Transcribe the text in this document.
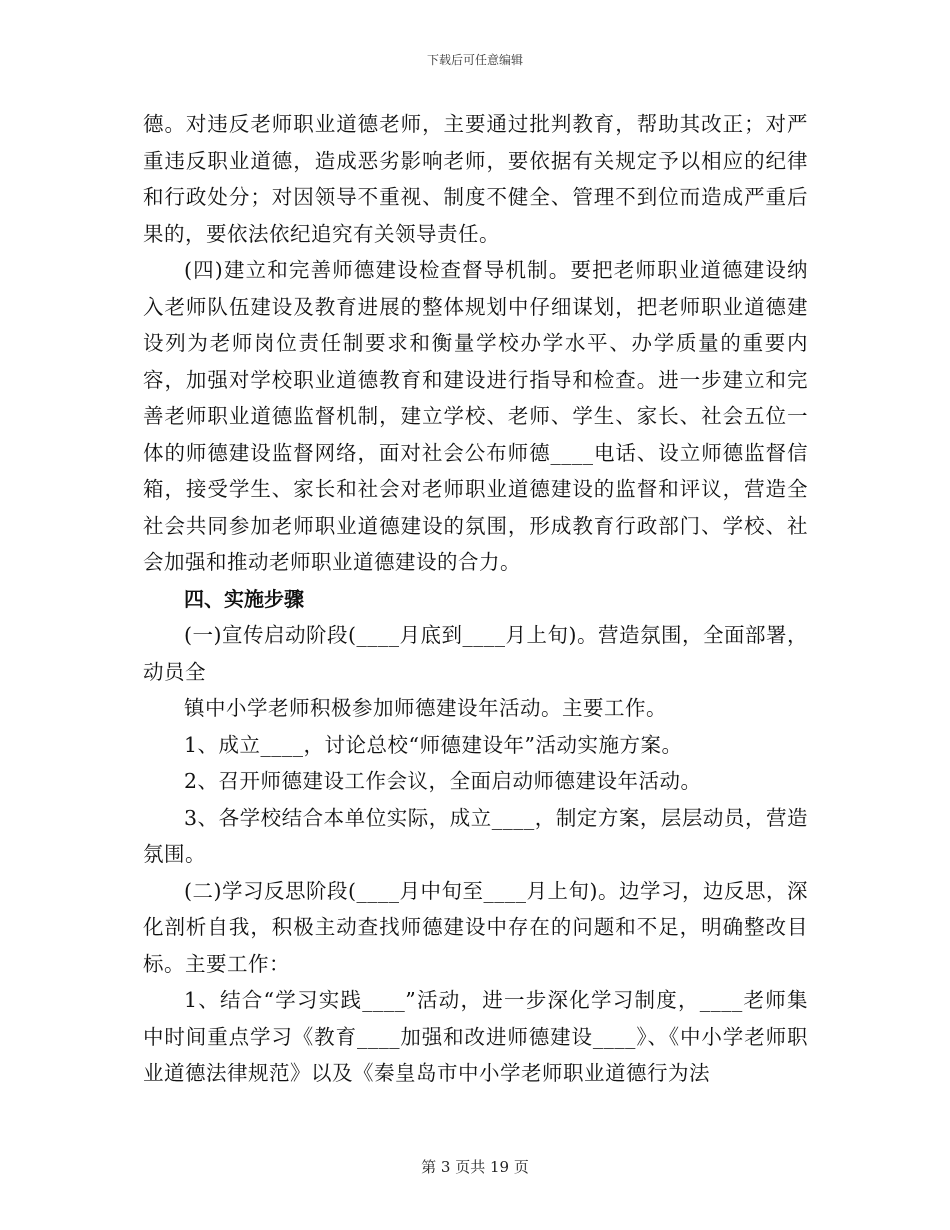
下载后可任意编辑

德。对违反老师职业道德老师，主要通过批判教育，帮助其改正；对严重违反职业道德，造成恶劣影响老师，要依据有关规定予以相应的纪律和行政处分；对因领导不重视、制度不健全、管理不到位而造成严重后果的，要依法依纪追究有关领导责任。

(四)建立和完善师德建设检查督导机制。要把老师职业道德建设纳入老师队伍建设及教育进展的整体规划中仔细谋划，把老师职业道德建设列为老师岗位责任制要求和衡量学校办学水平、办学质量的重要内容，加强对学校职业道德教育和建设进行指导和检查。进一步建立和完善老师职业道德监督机制，建立学校、老师、学生、家长、社会五位一体的师德建设监督网络，面对社会公布师德____电话、设立师德监督信箱，接受学生、家长和社会对老师职业道德建设的监督和评议，营造全社会共同参加老师职业道德建设的氛围，形成教育行政部门、学校、社会加强和推动老师职业道德建设的合力。

四、实施步骤

(一)宣传启动阶段(____月底到____月上旬)。营造氛围，全面部署，动员全

镇中小学老师积极参加师德建设年活动。主要工作。

1、成立____，讨论总校“师德建设年”活动实施方案。

2、召开师德建设工作会议，全面启动师德建设年活动。

3、各学校结合本单位实际，成立____，制定方案，层层动员，营造氛围。

(二)学习反思阶段(____月中旬至____月上旬)。边学习，边反思，深化剖析自我，积极主动查找师德建设中存在的问题和不足，明确整改目标。主要工作：

1、结合“学习实践____”活动，进一步深化学习制度，____老师集中时间重点学习《教育____加强和改进师德建设____》、《中小学老师职业道德法律规范》以及《秦皇岛市中小学老师职业道德行为法

第 3 页共 19 页
